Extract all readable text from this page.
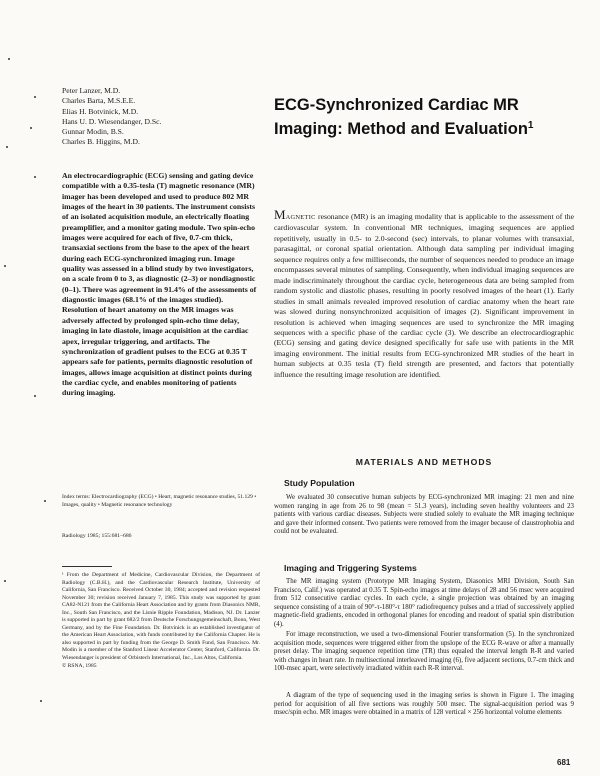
Peter Lanzer, M.D.
Charles Barta, M.S.E.E.
Elias H. Botvinick, M.D.
Hans U. D. Wiesendanger, D.Sc.
Gunnar Modin, B.S.
Charles B. Higgins, M.D.
ECG-Synchronized Cardiac MR
Imaging: Method and Evaluation$^1$
An electrocardiographic (ECG) sensing and gating device compatible with a 0.35-tesla (T) magnetic resonance (MR) imager has been developed and used to produce 802 MR images of the heart in 30 patients. The instrument consists of an isolated acquisition module, an electrically floating preamplifier, and a monitor gating module. Two spin-echo images were acquired for each of five, 0.7-cm thick, transaxial sections from the base to the apex of the heart during each ECG-synchronized imaging run. Image quality was assessed in a blind study by two investigators, on a scale from 0 to 3, as diagnostic (2–3) or nondiagnostic (0–1). There was agreement in 91.4% of the assessments of diagnostic images (68.1% of the images studied). Resolution of heart anatomy on the MR images was adversely affected by prolonged spin-echo time delay, imaging in late diastole, image acquisition at the cardiac apex, irregular triggering, and artifacts. The synchronization of gradient pulses to the ECG at 0.35 T appears safe for patients, permits diagnostic resolution of images, allows image acquisition at distinct points during the cardiac cycle, and enables monitoring of patients during imaging.
Index terms: Electrocardiography (ECG) • Heart, magnetic resonance studies, 51.129 • Images, quality • Magnetic resonance technology
Radiology 1985; 155:681–686
¹ From the Department of Medicine, Cardiovascular Division, the Department of Radiology (C.B.H.), and the Cardiovascular Research Institute, University of California, San Francisco. Received October 30, 1984; accepted and revision requested November 30; revision received January 7, 1985. This study was supported by grant CA82-N121 from the California Heart Association and by grants from Diasonics NMR, Inc., South San Francisco, and the Lisnie Ripple Foundation, Madison, NJ. Dr. Lanzer is supported in part by grant 682/2 from Deutsche Forschungsgemeinschaft, Bonn, West Germany, and by the Fine Foundation. Dr. Botvinick is an established investigator of the American Heart Association, with funds contributed by the California Chapter. He is also supported in part by funding from the George D. Smith Fund, San Francisco. Mr. Modin is a member of the Stanford Linear Accelerator Center, Stanford, California. Dr. Wiesendanger is president of Orbistech International, Inc., Los Altos, California.
© RSNA, 1985
MAGNETIC resonance (MR) is an imaging modality that is applicable to the assessment of the cardiovascular system. In conventional MR techniques, imaging sequences are applied repetitively, usually in 0.5- to 2.0-second (sec) intervals, to planar volumes with transaxial, parasagittal, or coronal spatial orientation. Although data sampling per individual imaging sequence requires only a few milliseconds, the number of sequences needed to produce an image encompasses several minutes of sampling. Consequently, when individual imaging sequences are made indiscriminately throughout the cardiac cycle, heterogeneous data are being sampled from random systolic and diastolic phases, resulting in poorly resolved images of the heart (1). Early studies in small animals revealed improved resolution of cardiac anatomy when the heart rate was slowed during nonsynchronized acquisition of images (2). Significant improvement in resolution is achieved when imaging sequences are used to synchronize the MR imaging sequences with a specific phase of the cardiac cycle (3). We describe an electrocardiographic (ECG) sensing and gating device designed specifically for safe use with patients in the MR imaging environment. The initial results from ECG-synchronized MR studies of the heart in human subjects at 0.35 tesla (T) field strength are presented, and factors that potentially influence the resulting image resolution are identified.
MATERIALS AND METHODS
Study Population
We evaluated 30 consecutive human subjects by ECG-synchronized MR imaging: 21 men and nine women ranging in age from 26 to 98 (mean = 51.3 years), including seven healthy volunteers and 23 patients with various cardiac diseases. Subjects were studied solely to evaluate the MR imaging technique and gave their informed consent. Two patients were removed from the imager because of claustrophobia and could not be evaluated.
Imaging and Triggering Systems
The MR imaging system (Prototype MR Imaging System, Diasonics MRI Division, South San Francisco, Calif.) was operated at 0.35 T. Spin-echo images at time delays of 28 and 56 msec were acquired from 512 consecutive cardiac cycles. In each cycle, a single projection was obtained by an imaging sequence consisting of a train of 90°-τ-180°-τ 180° radiofrequency pulses and a triad of successively applied magnetic-field gradients, encoded in orthogonal planes for encoding and readout of spatial spin distribution (4).
For image reconstruction, we used a two-dimensional Fourier transformation (5). In the synchronized acquisition mode, sequences were triggered either from the upslope of the ECG R-wave or after a manually preset delay. The imaging sequence repetition time (TR) thus equaled the interval length R-R and varied with changes in heart rate. In multisectional interleaved imaging (6), five adjacent sections, 0.7-cm thick and 100-msec apart, were selectively irradiated within each R-R interval.
A diagram of the type of sequencing used in the imaging series is shown in Figure 1. The imaging period for acquisition of all five sections was roughly 500 msec. The signal-acquisition period was 9 msec/spin echo. MR images were obtained in a matrix of 128 vertical × 256 horizontal volume elements
681
